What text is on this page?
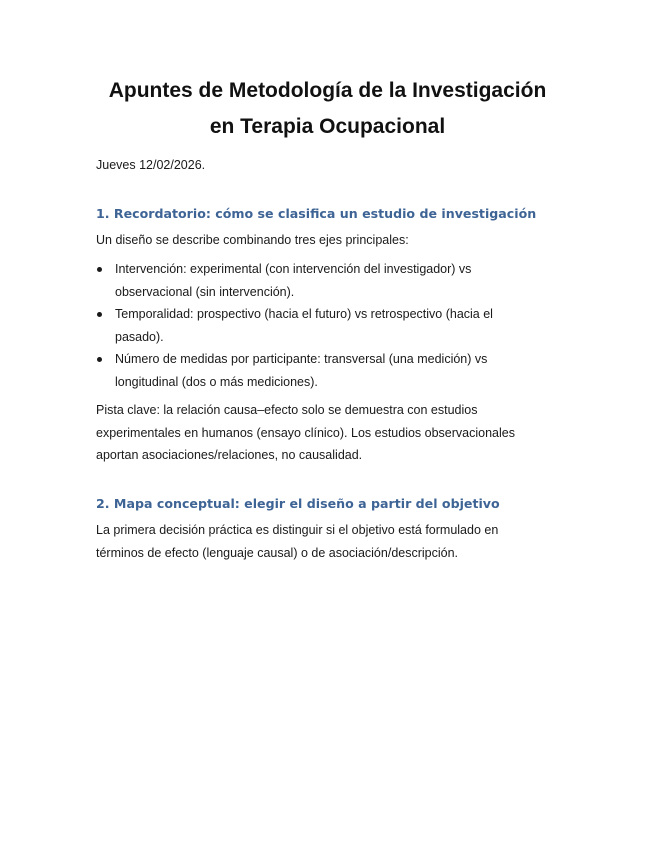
Apuntes de Metodología de la Investigación
en Terapia Ocupacional
Jueves 12/02/2026.
1. Recordatorio: cómo se clasifica un estudio de investigación

Un diseño se describe combinando tres ejes principales:

Intervención: experimental (con intervención del investigador) vs observacional (sin intervención).
Temporalidad: prospectivo (hacia el futuro) vs retrospectivo (hacia el pasado).
Número de medidas por participante: transversal (una medición) vs longitudinal (dos o más mediciones).

Pista clave: la relación causa–efecto solo se demuestra con estudios experimentales en humanos (ensayo clínico). Los estudios observacionales aportan asociaciones/relaciones, no causalidad.

2. Mapa conceptual: elegir el diseño a partir del objetivo

La primera decisión práctica es distinguir si el objetivo está formulado en términos de efecto (lenguaje causal) o de asociación/descripción.
